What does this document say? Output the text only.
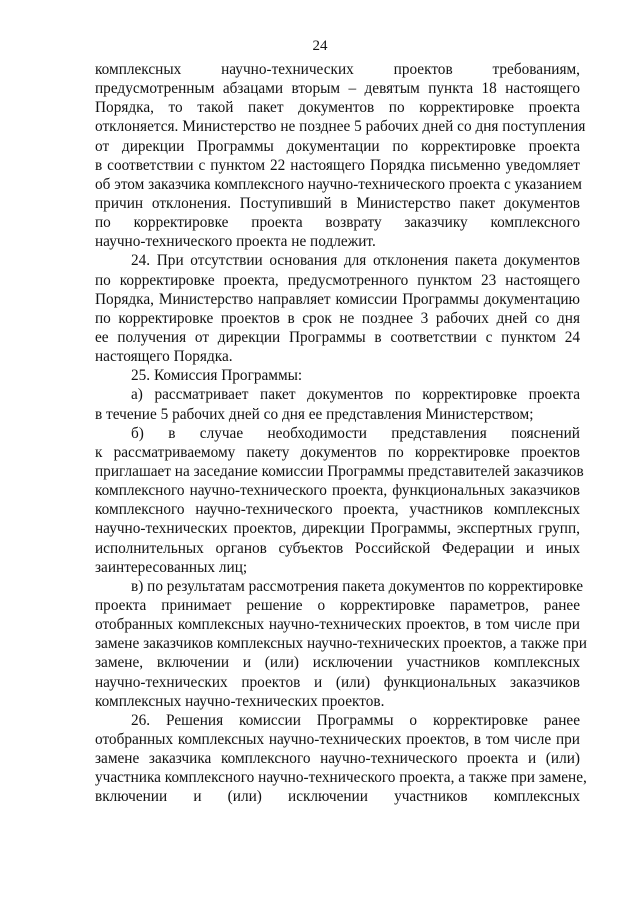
24
комплексных научно-технических проектов требованиям,
предусмотренным абзацами вторым – девятым пункта 18 настоящего
Порядка, то такой пакет документов по корректировке проекта
отклоняется. Министерство не позднее 5 рабочих дней со дня поступления
от дирекции Программы документации по корректировке проекта
в соответствии с пунктом 22 настоящего Порядка письменно уведомляет
об этом заказчика комплексного научно-технического проекта с указанием
причин отклонения. Поступивший в Министерство пакет документов
по корректировке проекта возврату заказчику комплексного
научно-технического проекта не подлежит.
24. При отсутствии основания для отклонения пакета документов
по корректировке проекта, предусмотренного пунктом 23 настоящего
Порядка, Министерство направляет комиссии Программы документацию
по корректировке проектов в срок не позднее 3 рабочих дней со дня
ее получения от дирекции Программы в соответствии с пунктом 24
настоящего Порядка.
25. Комиссия Программы:
а) рассматривает пакет документов по корректировке проекта
в течение 5 рабочих дней со дня ее представления Министерством;
б) в случае необходимости представления пояснений
к рассматриваемому пакету документов по корректировке проектов
приглашает на заседание комиссии Программы представителей заказчиков
комплексного научно-технического проекта, функциональных заказчиков
комплексного научно-технического проекта, участников комплексных
научно-технических проектов, дирекции Программы, экспертных групп,
исполнительных органов субъектов Российской Федерации и иных
заинтересованных лиц;
в) по результатам рассмотрения пакета документов по корректировке
проекта принимает решение о корректировке параметров, ранее
отобранных комплексных научно-технических проектов, в том числе при
замене заказчиков комплексных научно-технических проектов, а также при
замене, включении и (или) исключении участников комплексных
научно-технических проектов и (или) функциональных заказчиков
комплексных научно-технических проектов.
26. Решения комиссии Программы о корректировке ранее
отобранных комплексных научно-технических проектов, в том числе при
замене заказчика комплексного научно-технического проекта и (или)
участника комплексного научно-технического проекта, а также при замене,
включении и (или) исключении участников комплексных
